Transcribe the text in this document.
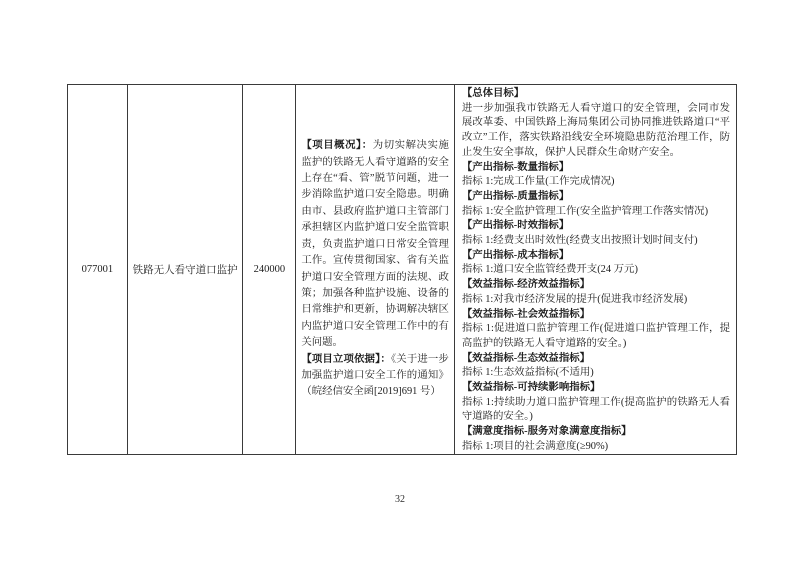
077001 铁路无人看守道口监护 240000

【项目概况】：为切实解决实施监护的铁路无人看守道路的安全上存在“看、管”脱节问题，进一步消除监护道口安全隐患。明确由市、县政府监护道口主管部门承担辖区内监护道口安全监管职责，负责监护道口日常安全管理工作。宣传贯彻国家、省有关监护道口安全管理方面的法规、政策；加强各种监护设施、设备的日常维护和更新，协调解决辖区内监护道口安全管理工作中的有关问题。

【项目立项依据】：《关于进一步加强监护道口安全工作的通知》（皖经信安全函[2019]691 号）

【总体目标】
进一步加强我市铁路无人看守道口的安全管理，会同市发展改革委、中国铁路上海局集团公司协同推进铁路道口“平改立”工作，落实铁路沿线安全环境隐患防范治理工作，防止发生安全事故，保护人民群众生命财产安全。
【产出指标-数量指标】
指标 1:完成工作量(工作完成情况)
【产出指标-质量指标】
指标 1:安全监护管理工作(安全监护管理工作落实情况)
【产出指标-时效指标】
指标 1:经费支出时效性(经费支出按照计划时间支付)
【产出指标-成本指标】
指标 1:道口安全监管经费开支(24 万元)
【效益指标-经济效益指标】
指标 1:对我市经济发展的提升(促进我市经济发展)
【效益指标-社会效益指标】
指标 1:促进道口监护管理工作(促进道口监护管理工作，提高监护的铁路无人看守道路的安全。)
【效益指标-生态效益指标】
指标 1:生态效益指标(不适用)
【效益指标-可持续影响指标】
指标 1:持续助力道口监护管理工作(提高监护的铁路无人看守道路的安全。)
【满意度指标-服务对象满意度指标】
指标 1:项目的社会满意度(≥90%)
32
